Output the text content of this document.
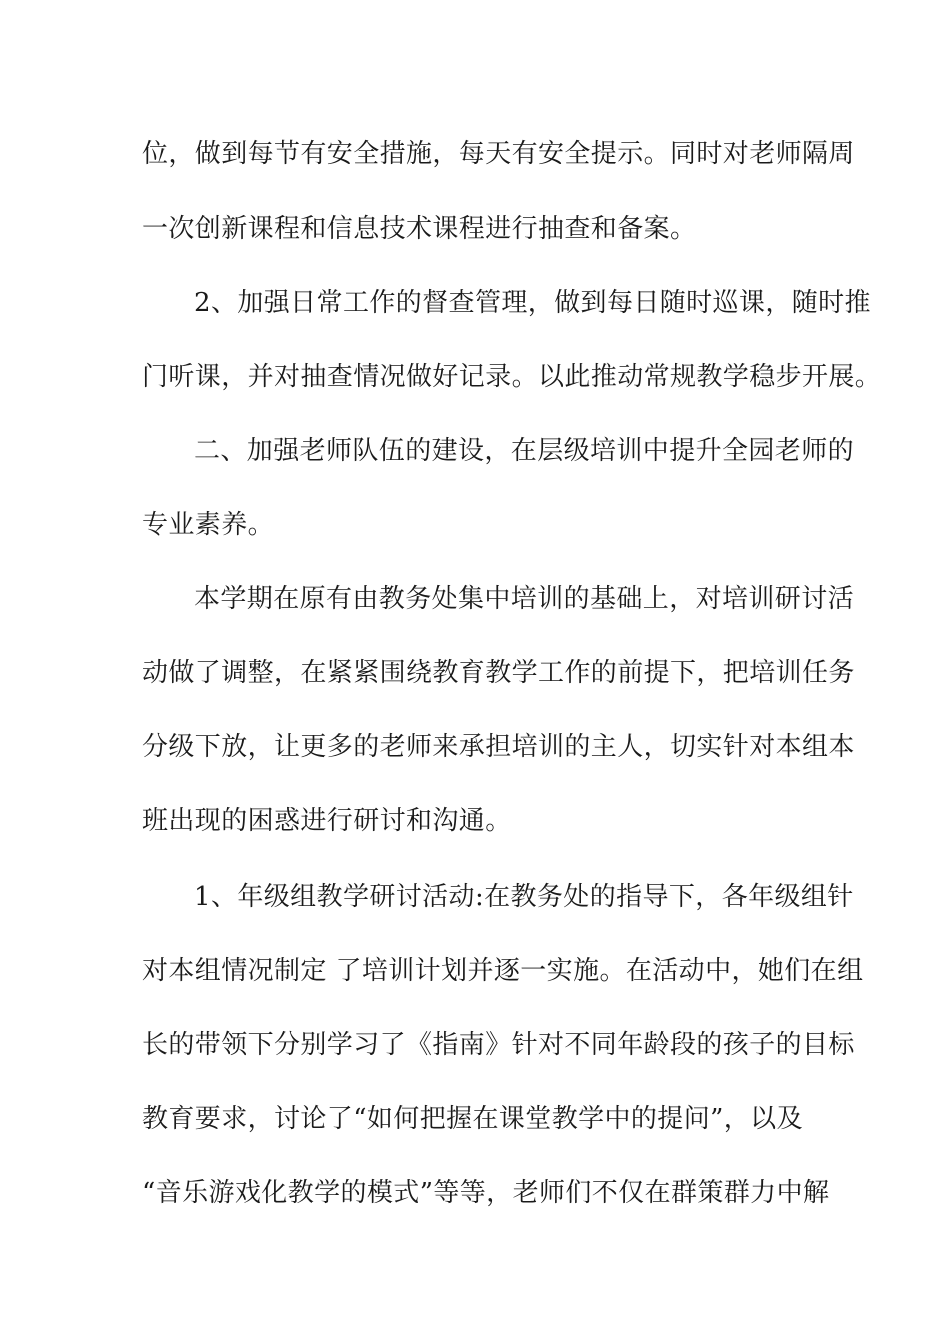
位，做到每节有安全措施，每天有安全提示。同时对老师隔周
一次创新课程和信息技术课程进行抽查和备案。
2、加强日常工作的督查管理，做到每日随时巡课，随时推
门听课，并对抽查情况做好记录。以此推动常规教学稳步开展。
二、加强老师队伍的建设，在层级培训中提升全园老师的
专业素养。
本学期在原有由教务处集中培训的基础上，对培训研讨活
动做了调整，在紧紧围绕教育教学工作的前提下，把培训任务
分级下放，让更多的老师来承担培训的主人，切实针对本组本
班出现的困惑进行研讨和沟通。
1、年级组教学研讨活动:在教务处的指导下，各年级组针
对本组情况制定 了培训计划并逐一实施。在活动中，她们在组
长的带领下分别学习了《指南》针对不同年龄段的孩子的目标
教育要求，讨论了“如何把握在课堂教学中的提问”，以及
“音乐游戏化教学的模式”等等，老师们不仅在群策群力中解
